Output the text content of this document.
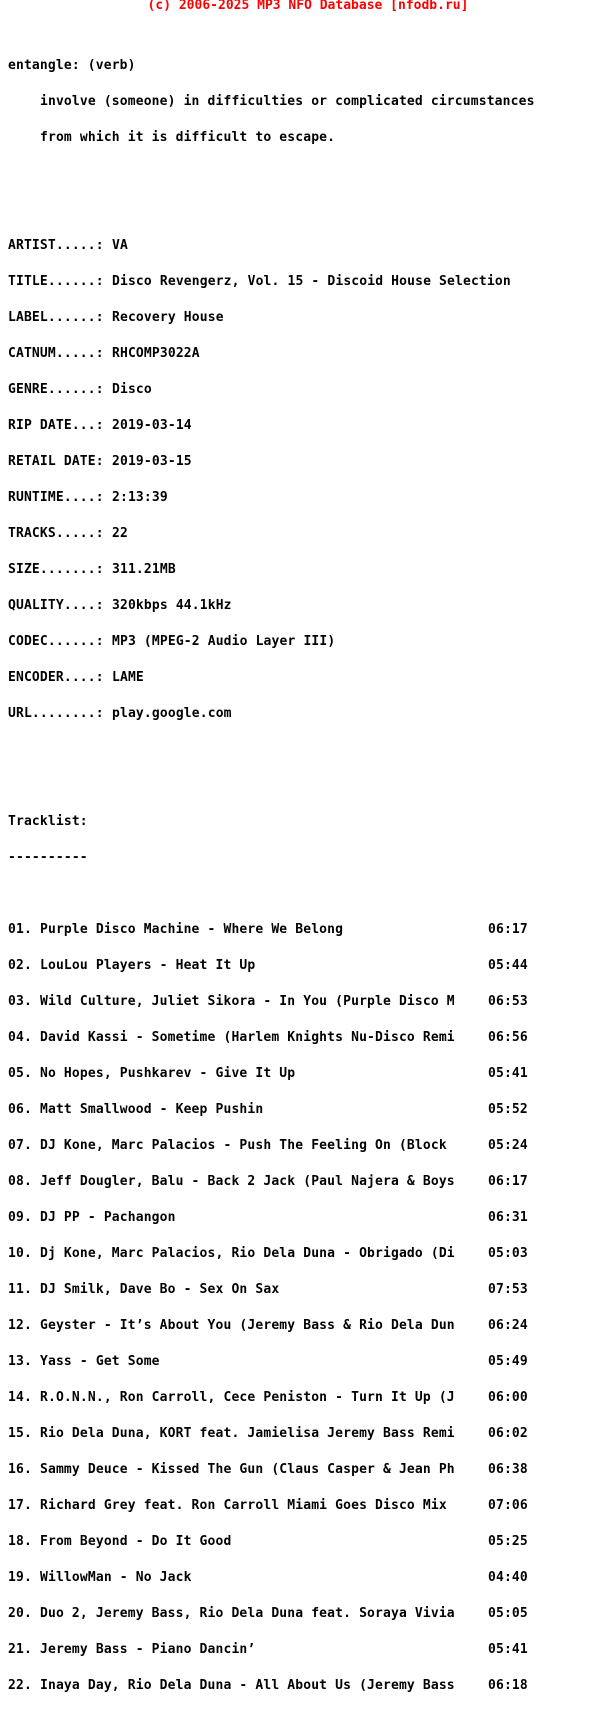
(c) 2006-2025 MP3 NFO Database [nfodb.ru]

entangle: (verb)

involve (someone) in difficulties or complicated circumstances

from which it is difficult to escape.

ARTIST.....: VA

TITLE......: Disco Revengerz, Vol. 15 - Discoid House Selection

LABEL......: Recovery House

CATNUM.....: RHCOMP3022A

GENRE......: Disco

RIP DATE...: 2019-03-14

RETAIL DATE: 2019-03-15

RUNTIME....: 2:13:39

TRACKS.....: 22

SIZE.......: 311.21MB

QUALITY....: 320kbps 44.1kHz

CODEC......: MP3 (MPEG-2 Audio Layer III)

ENCODER....: LAME

URL........: play.google.com

Tracklist:

----------

01. Purple Disco Machine - Where We Belong	06:17

02. LouLou Players - Heat It Up	05:44

03. Wild Culture, Juliet Sikora - In You (Purple Disco M	06:53

04. David Kassi - Sometime (Harlem Knights Nu-Disco Remi	06:56

05. No Hopes, Pushkarev - Give It Up	05:41

06. Matt Smallwood - Keep Pushin	05:52

07. DJ Kone, Marc Palacios - Push The Feeling On (Block	05:24

08. Jeff Dougler, Balu - Back 2 Jack (Paul Najera & Boys	06:17

09. DJ PP - Pachangon	06:31

10. Dj Kone, Marc Palacios, Rio Dela Duna - Obrigado (Di	05:03

11. DJ Smilk, Dave Bo - Sex On Sax	07:53

12. Geyster - It’s About You (Jeremy Bass & Rio Dela Dun	06:24

13. Yass - Get Some	05:49

14. R.O.N.N., Ron Carroll, Cece Peniston - Turn It Up (J	06:00

15. Rio Dela Duna, KORT feat. Jamielisa Jeremy Bass Remi	06:02

16. Sammy Deuce - Kissed The Gun (Claus Casper & Jean Ph	06:38

17. Richard Grey feat. Ron Carroll Miami Goes Disco Mix	07:06

18. From Beyond - Do It Good	05:25

19. WillowMan - No Jack	04:40

20. Duo 2, Jeremy Bass, Rio Dela Duna feat. Soraya Vivia	05:05

21. Jeremy Bass - Piano Dancin’	05:41

22. Inaya Day, Rio Dela Duna - All About Us (Jeremy Bass	06:18
